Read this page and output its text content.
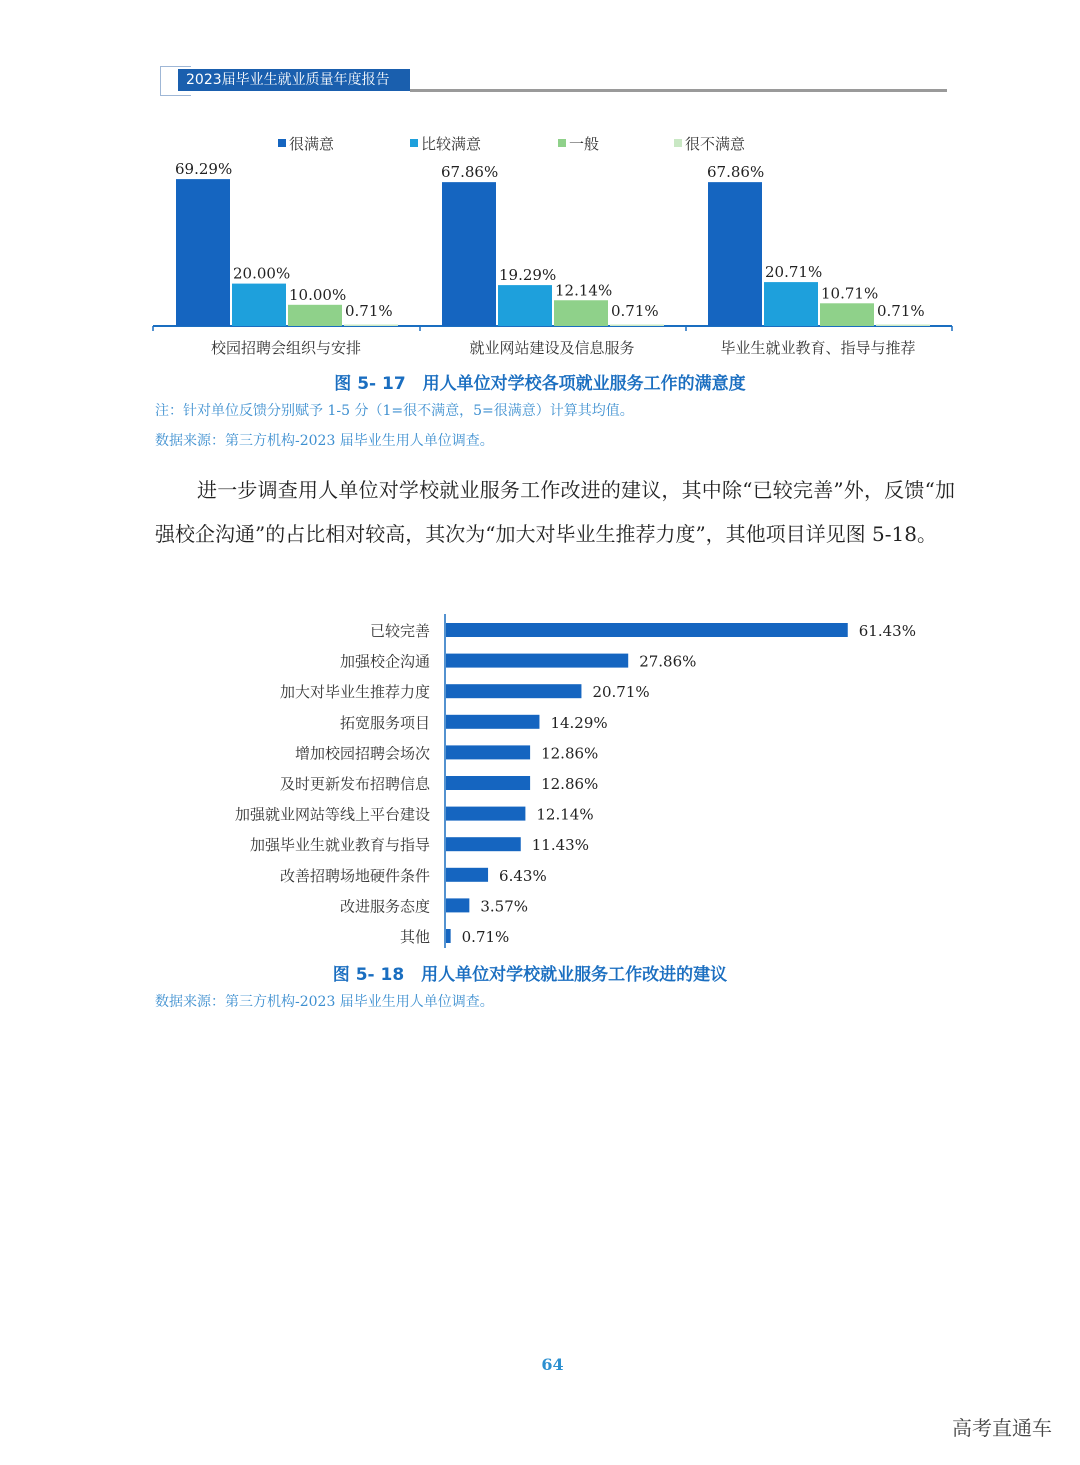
2023届毕业生就业质量年度报告
很满意	比较满意	一般	很不满意
69.29%
20.00%
10.00%
0.71%
校园招聘会组织与安排
67.86%
19.29%
12.14%
0.71%
就业网站建设及信息服务
67.86%
20.71%
10.71%
0.71%
毕业生就业教育、指导与推荐
图 5- 17　用人单位对学校各项就业服务工作的满意度
注：针对单位反馈分别赋予 1-5 分（1=很不满意，5=很满意）计算其均值。
数据来源：第三方机构-2023 届毕业生用人单位调查。
进一步调查用人单位对学校就业服务工作改进的建议，其中除“已较完善”外，反馈“加强校企沟通”的占比相对较高，其次为“加大对毕业生推荐力度”，其他项目详见图 5-18。
61.43%
已较完善
27.86%
加强校企沟通
20.71%
加大对毕业生推荐力度
14.29%
拓宽服务项目
12.86%
增加校园招聘会场次
12.86%
及时更新发布招聘信息
12.14%
加强就业网站等线上平台建设
11.43%
加强毕业生就业教育与指导
6.43%
改善招聘场地硬件条件
3.57%
改进服务态度
0.71%
其他
图 5- 18　用人单位对学校就业服务工作改进的建议
数据来源：第三方机构-2023 届毕业生用人单位调查。
64
高考直通车
